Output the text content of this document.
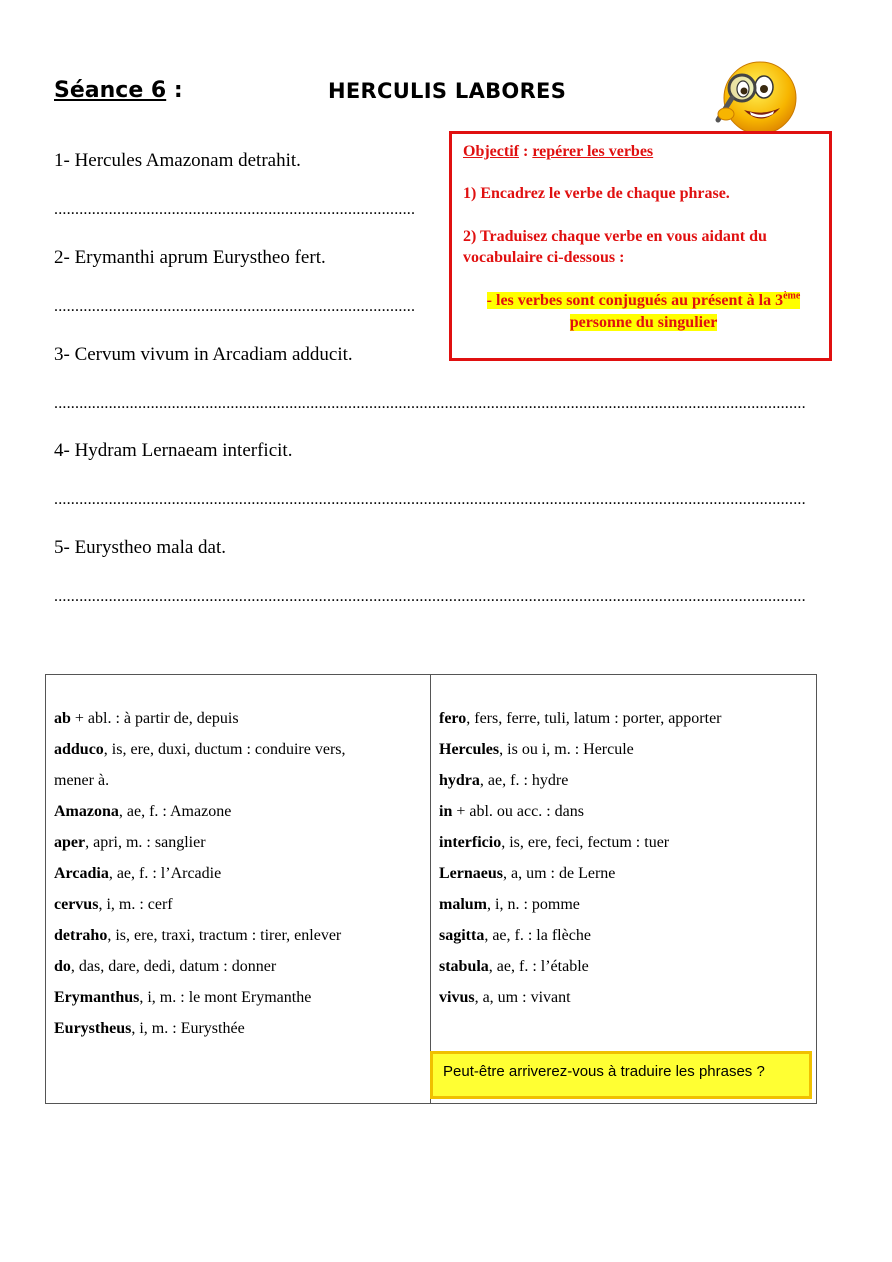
Séance 6 :	HERCULIS LABORES
Objectif : repérer les verbes
1) Encadrez le verbe de chaque phrase.
2) Traduisez chaque verbe en vous aidant du vocabulaire ci-dessous :
- les verbes sont conjugués au présent à la 3ème
personne du singulier
1- Hercules Amazonam detrahit.
......................................................................................
2- Erymanthi aprum Eurystheo fert.
......................................................................................
3- Cervum vivum in Arcadiam adducit.
...................................................................................................................................................................................
4- Hydram Lernaeam interficit.
...................................................................................................................................................................................
5- Eurystheo mala dat.
...................................................................................................................................................................................
ab + abl. : à partir de, depuis
adduco, is, ere, duxi, ductum : conduire vers,
mener à.
Amazona, ae, f. : Amazone
aper, apri, m. : sanglier
Arcadia, ae, f. : l’Arcadie
cervus, i, m. : cerf
detraho, is, ere, traxi, tractum : tirer, enlever
do, das, dare, dedi, datum : donner
Erymanthus, i, m. : le mont Erymanthe
Eurystheus, i, m. : Eurysthée
fero, fers, ferre, tuli, latum : porter, apporter
Hercules, is ou i, m. : Hercule
hydra, ae, f. : hydre
in + abl. ou acc. : dans
interficio, is, ere, feci, fectum : tuer
Lernaeus, a, um : de Lerne
malum, i, n. : pomme
sagitta, ae, f. : la flèche
stabula, ae, f. : l’étable
vivus, a, um : vivant
Peut-être arriverez-vous à traduire les phrases ?
